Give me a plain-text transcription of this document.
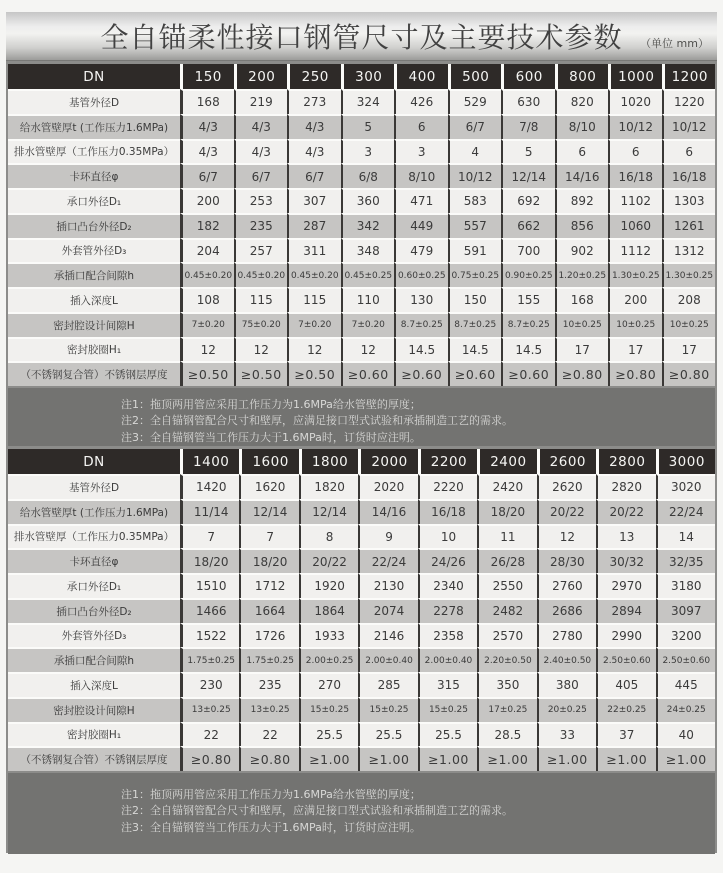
全自锚柔性接口钢管尺寸及主要技术参数 （单位 mm）
DN	150	200	250	300	400	500	600	800	1000	1200
基管外径D	168	219	273	324	426	529	630	820	1020	1220
给水管壁厚t (工作压力1.6MPa)	4/3	4/3	4/3	5	6	6/7	7/8	8/10	10/12	10/12
排水管壁厚（工作压力0.35MPa）	4/3	4/3	4/3	3	3	4	5	6	6	6
卡环直径φ	6/7	6/7	6/7	6/8	8/10	10/12	12/14	14/16	16/18	16/18
承口外径D₁	200	253	307	360	471	583	692	892	1102	1303
插口凸台外径D₂	182	235	287	342	449	557	662	856	1060	1261
外套管外径D₃	204	257	311	348	479	591	700	902	1112	1312
承插口配合间隙h	0.45±0.20	0.45±0.20	0.45±0.20	0.45±0.25	0.60±0.25	0.75±0.25	0.90±0.25	1.20±0.25	1.30±0.25	1.30±0.25
插入深度L	108	115	115	110	130	150	155	168	200	208
密封腔设计间隙H	7±0.20	75±0.20	7±0.20	7±0.20	8.7±0.25	8.7±0.25	8.7±0.25	10±0.25	10±0.25	10±0.25
密封胶圈H₁	12	12	12	12	14.5	14.5	14.5	17	17	17
（不锈钢复合管）不锈钢层厚度	≥0.50	≥0.50	≥0.50	≥0.60	≥0.60	≥0.60	≥0.60	≥0.80	≥0.80	≥0.80
注1：拖顶两用管应采用工作压力为1.6MPa给水管壁的厚度；
注2：全自锚钢管配合尺寸和壁厚，应满足接口型式试验和承插制造工艺的需求。
注3：全自锚钢管当工作压力大于1.6MPa时，订货时应注明。
DN	1400	1600	1800	2000	2200	2400	2600	2800	3000
基管外径D	1420	1620	1820	2020	2220	2420	2620	2820	3020
给水管壁厚t (工作压力1.6MPa)	11/14	12/14	12/14	14/16	16/18	18/20	20/22	20/22	22/24
排水管壁厚（工作压力0.35MPa）	7	7	8	9	10	11	12	13	14
卡环直径φ	18/20	18/20	20/22	22/24	24/26	26/28	28/30	30/32	32/35
承口外径D₁	1510	1712	1920	2130	2340	2550	2760	2970	3180
插口凸台外径D₂	1466	1664	1864	2074	2278	2482	2686	2894	3097
外套管外径D₃	1522	1726	1933	2146	2358	2570	2780	2990	3200
承插口配合间隙h	1.75±0.25	1.75±0.25	2.00±0.25	2.00±0.40	2.00±0.40	2.20±0.50	2.40±0.50	2.50±0.60	2.50±0.60
插入深度L	230	235	270	285	315	350	380	405	445
密封腔设计间隙H	13±0.25	13±0.25	15±0.25	15±0.25	15±0.25	17±0.25	20±0.25	22±0.25	24±0.25
密封胶圈H₁	22	22	25.5	25.5	25.5	28.5	33	37	40
（不锈钢复合管）不锈钢层厚度	≥0.80	≥0.80	≥1.00	≥1.00	≥1.00	≥1.00	≥1.00	≥1.00	≥1.00
注1：拖顶两用管应采用工作压力为1.6MPa给水管壁的厚度；
注2：全自锚钢管配合尺寸和壁厚，应满足接口型式试验和承插制造工艺的需求。
注3：全自锚钢管当工作压力大于1.6MPa时，订货时应注明。
